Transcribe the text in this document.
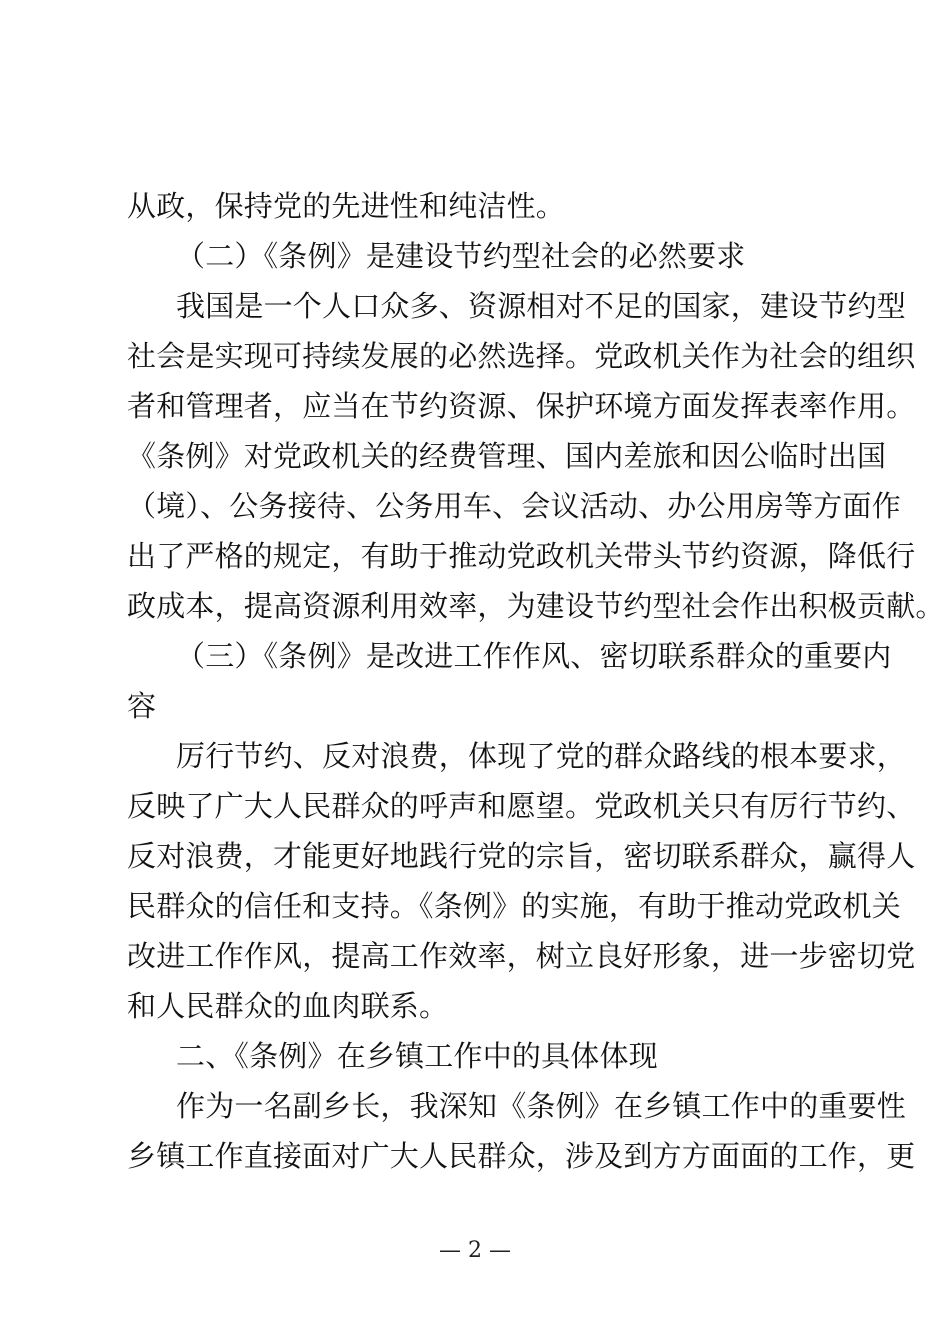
从政，保持党的先进性和纯洁性。
（二）《条例》是建设节约型社会的必然要求
我国是一个人口众多、资源相对不足的国家，建设节约型
社会是实现可持续发展的必然选择。党政机关作为社会的组织
者和管理者，应当在节约资源、保护环境方面发挥表率作用。
《条例》对党政机关的经费管理、国内差旅和因公临时出国
（境）、公务接待、公务用车、会议活动、办公用房等方面作
出了严格的规定，有助于推动党政机关带头节约资源，降低行
政成本，提高资源利用效率，为建设节约型社会作出积极贡献。
（三）《条例》是改进工作作风、密切联系群众的重要内
容
厉行节约、反对浪费，体现了党的群众路线的根本要求，
反映了广大人民群众的呼声和愿望。党政机关只有厉行节约、
反对浪费，才能更好地践行党的宗旨，密切联系群众，赢得人
民群众的信任和支持。《条例》的实施，有助于推动党政机关
改进工作作风，提高工作效率，树立良好形象，进一步密切党
和人民群众的血肉联系。
二、《条例》在乡镇工作中的具体体现
作为一名副乡长，我深知《条例》在乡镇工作中的重要性
乡镇工作直接面对广大人民群众，涉及到方方面面的工作，更
— 2 —
